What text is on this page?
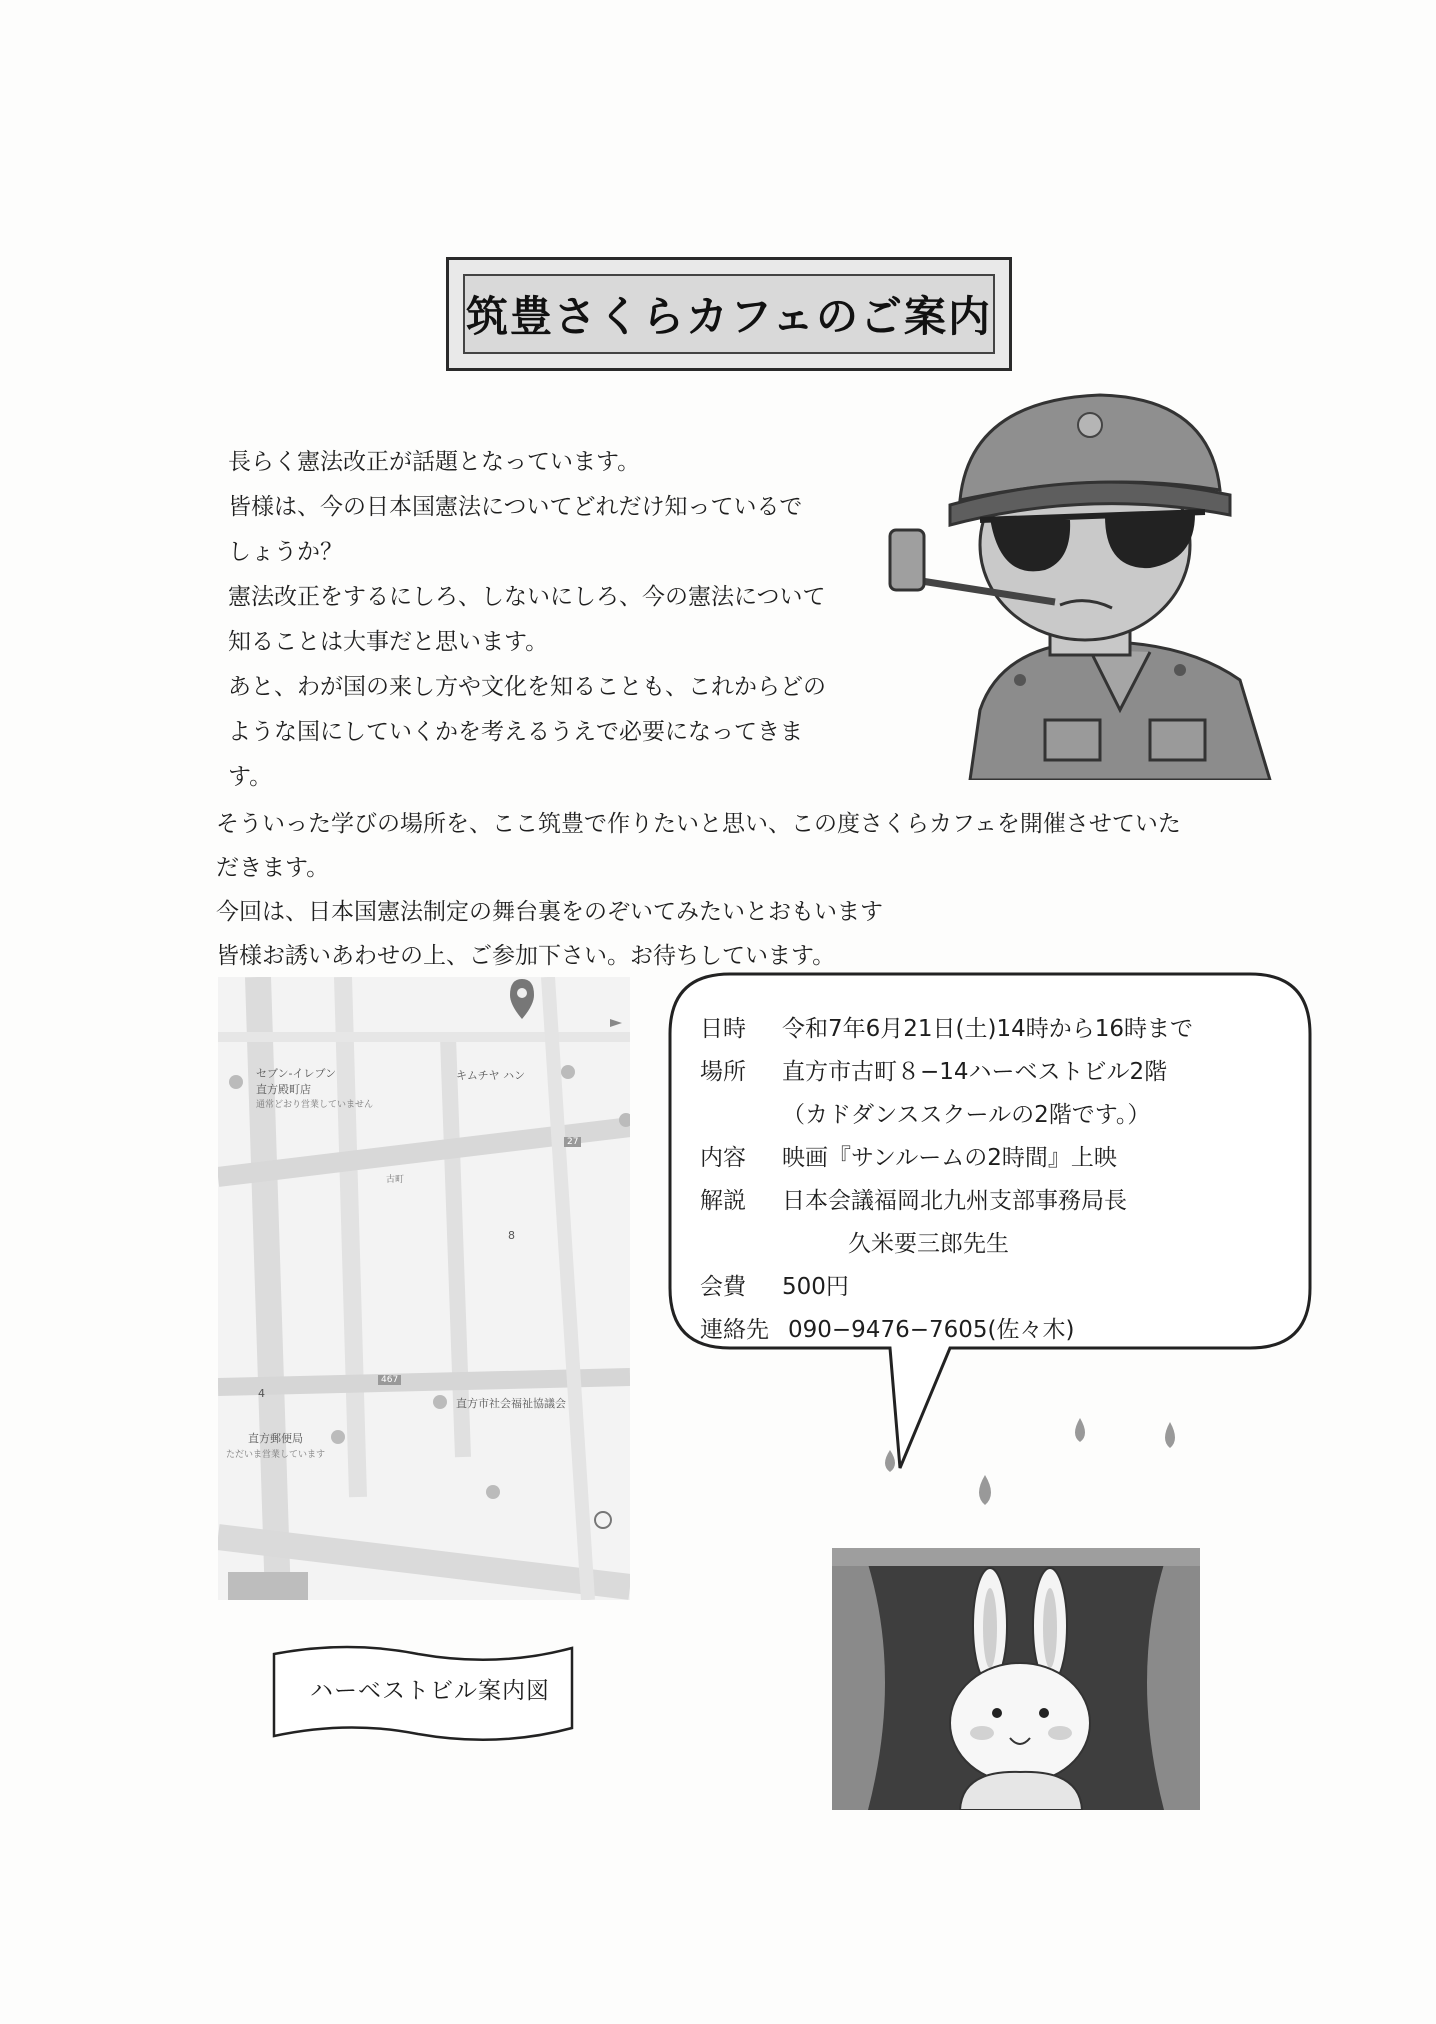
筑豊さくらカフェのご案内

長らく憲法改正が話題となっています。

皆様は、今の日本国憲法についてどれだけ知っているで

しょうか？

憲法改正をするにしろ、しないにしろ、今の憲法について

知ることは大事だと思います。

あと、わが国の来し方や文化を知ることも、これからどの

ような国にしていくかを考えるうえで必要になってきま

す。

そういった学びの場所を、ここ筑豊で作りたいと思い、この度さくらカフェを開催させていた

だきます。

今回は、日本国憲法制定の舞台裏をのぞいてみたいとおもいます

皆様お誘いあわせの上、ご参加下さい。お待ちしています。

セブン-イレブン
直方殿町店
通常どおり営業していません
キムチヤ ハン
古町
8
4
27
467
直方市社会福祉協議会
直方郵便局
ただいま営業しています
日時	令和7年6月21日(土)14時から16時まで
場所	直方市古町８−14ハーベストビル2階
（カドダンススクールの2階です。）
内容	映画『サンルームの2時間』上映
解説	日本会議福岡北九州支部事務局長
久米要三郎先生
会費	500円
連絡先 090−9476−7605(佐々木)
ハーベストビル案内図
